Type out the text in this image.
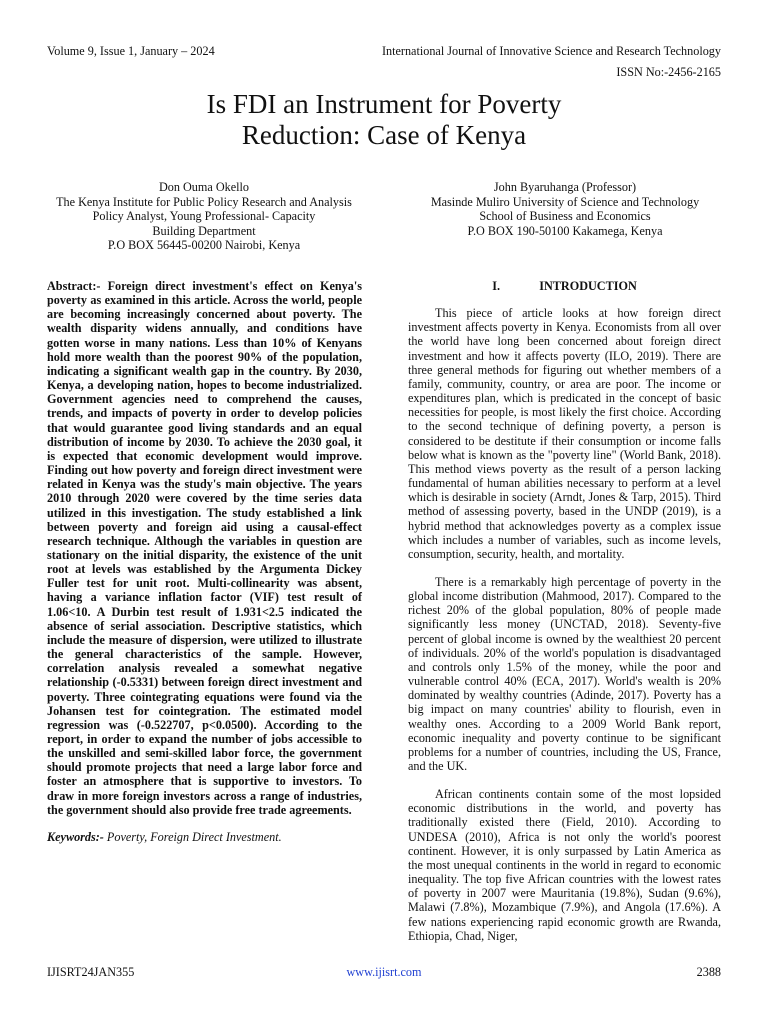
Volume 9, Issue 1, January – 2024	International Journal of Innovative Science and Research Technology
ISSN No:-2456-2165
Is FDI an Instrument for Poverty
Reduction: Case of Kenya
Don Ouma Okello
The Kenya Institute for Public Policy Research and Analysis
Policy Analyst, Young Professional- Capacity
Building Department
P.O BOX 56445-00200 Nairobi, Kenya
John Byaruhanga (Professor)
Masinde Muliro University of Science and Technology
School of Business and Economics
P.O BOX 190-50100 Kakamega, Kenya
Abstract:- Foreign direct investment's effect on Kenya's poverty as examined in this article. Across the world, people are becoming increasingly concerned about poverty. The wealth disparity widens annually, and conditions have gotten worse in many nations. Less than 10% of Kenyans hold more wealth than the poorest 90% of the population, indicating a significant wealth gap in the country. By 2030, Kenya, a developing nation, hopes to become industrialized. Government agencies need to comprehend the causes, trends, and impacts of poverty in order to develop policies that would guarantee good living standards and an equal distribution of income by 2030. To achieve the 2030 goal, it is expected that economic development would improve. Finding out how poverty and foreign direct investment were related in Kenya was the study's main objective. The years 2010 through 2020 were covered by the time series data utilized in this investigation. The study established a link between poverty and foreign aid using a causal-effect research technique. Although the variables in question are stationary on the initial disparity, the existence of the unit root at levels was established by the Argumenta Dickey Fuller test for unit root. Multi-collinearity was absent, having a variance inflation factor (VIF) test result of 1.06<10. A Durbin test result of 1.931<2.5 indicated the absence of serial association. Descriptive statistics, which include the measure of dispersion, were utilized to illustrate the general characteristics of the sample. However, correlation analysis revealed a somewhat negative relationship (-0.5331) between foreign direct investment and poverty. Three cointegrating equations were found via the Johansen test for cointegration. The estimated model regression was (-0.522707, p<0.0500). According to the report, in order to expand the number of jobs accessible to the unskilled and semi-skilled labor force, the government should promote projects that need a large labor force and foster an atmosphere that is supportive to investors. To draw in more foreign investors across a range of industries, the government should also provide free trade agreements.
Keywords:- Poverty, Foreign Direct Investment.
I.	INTRODUCTION

This piece of article looks at how foreign direct investment affects poverty in Kenya. Economists from all over the world have long been concerned about foreign direct investment and how it affects poverty (ILO, 2019). There are three general methods for figuring out whether members of a family, community, country, or area are poor. The income or expenditures plan, which is predicated in the concept of basic necessities for people, is most likely the first choice. According to the second technique of defining poverty, a person is considered to be destitute if their consumption or income falls below what is known as the "poverty line" (World Bank, 2018). This method views poverty as the result of a person lacking fundamental of human abilities necessary to perform at a level which is desirable in society (Arndt, Jones & Tarp, 2015). Third method of assessing poverty, based in the UNDP (2019), is a hybrid method that acknowledges poverty as a complex issue which includes a number of variables, such as income levels, consumption, security, health, and mortality.

There is a remarkably high percentage of poverty in the global income distribution (Mahmood, 2017). Compared to the richest 20% of the global population, 80% of people made significantly less money (UNCTAD, 2018). Seventy-five percent of global income is owned by the wealthiest 20 percent of individuals. 20% of the world's population is disadvantaged and controls only 1.5% of the money, while the poor and vulnerable control 40% (ECA, 2017). World's wealth is 20% dominated by wealthy countries (Adinde, 2017). Poverty has a big impact on many countries' ability to flourish, even in wealthy ones. According to a 2009 World Bank report, economic inequality and poverty continue to be significant problems for a number of countries, including the US, France, and the UK.

African continents contain some of the most lopsided economic distributions in the world, and poverty has traditionally existed there (Field, 2010). According to UNDESA (2010), Africa is not only the world's poorest continent. However, it is only surpassed by Latin America as the most unequal continents in the world in regard to economic inequality. The top five African countries with the lowest rates of poverty in 2007 were Mauritania (19.8%), Sudan (9.6%), Malawi (7.8%), Mozambique (7.9%), and Angola (17.6%). A few nations experiencing rapid economic growth are Rwanda, Ethiopia, Chad, Niger,

IJISRT24JAN355	www.ijisrt.com	2388
